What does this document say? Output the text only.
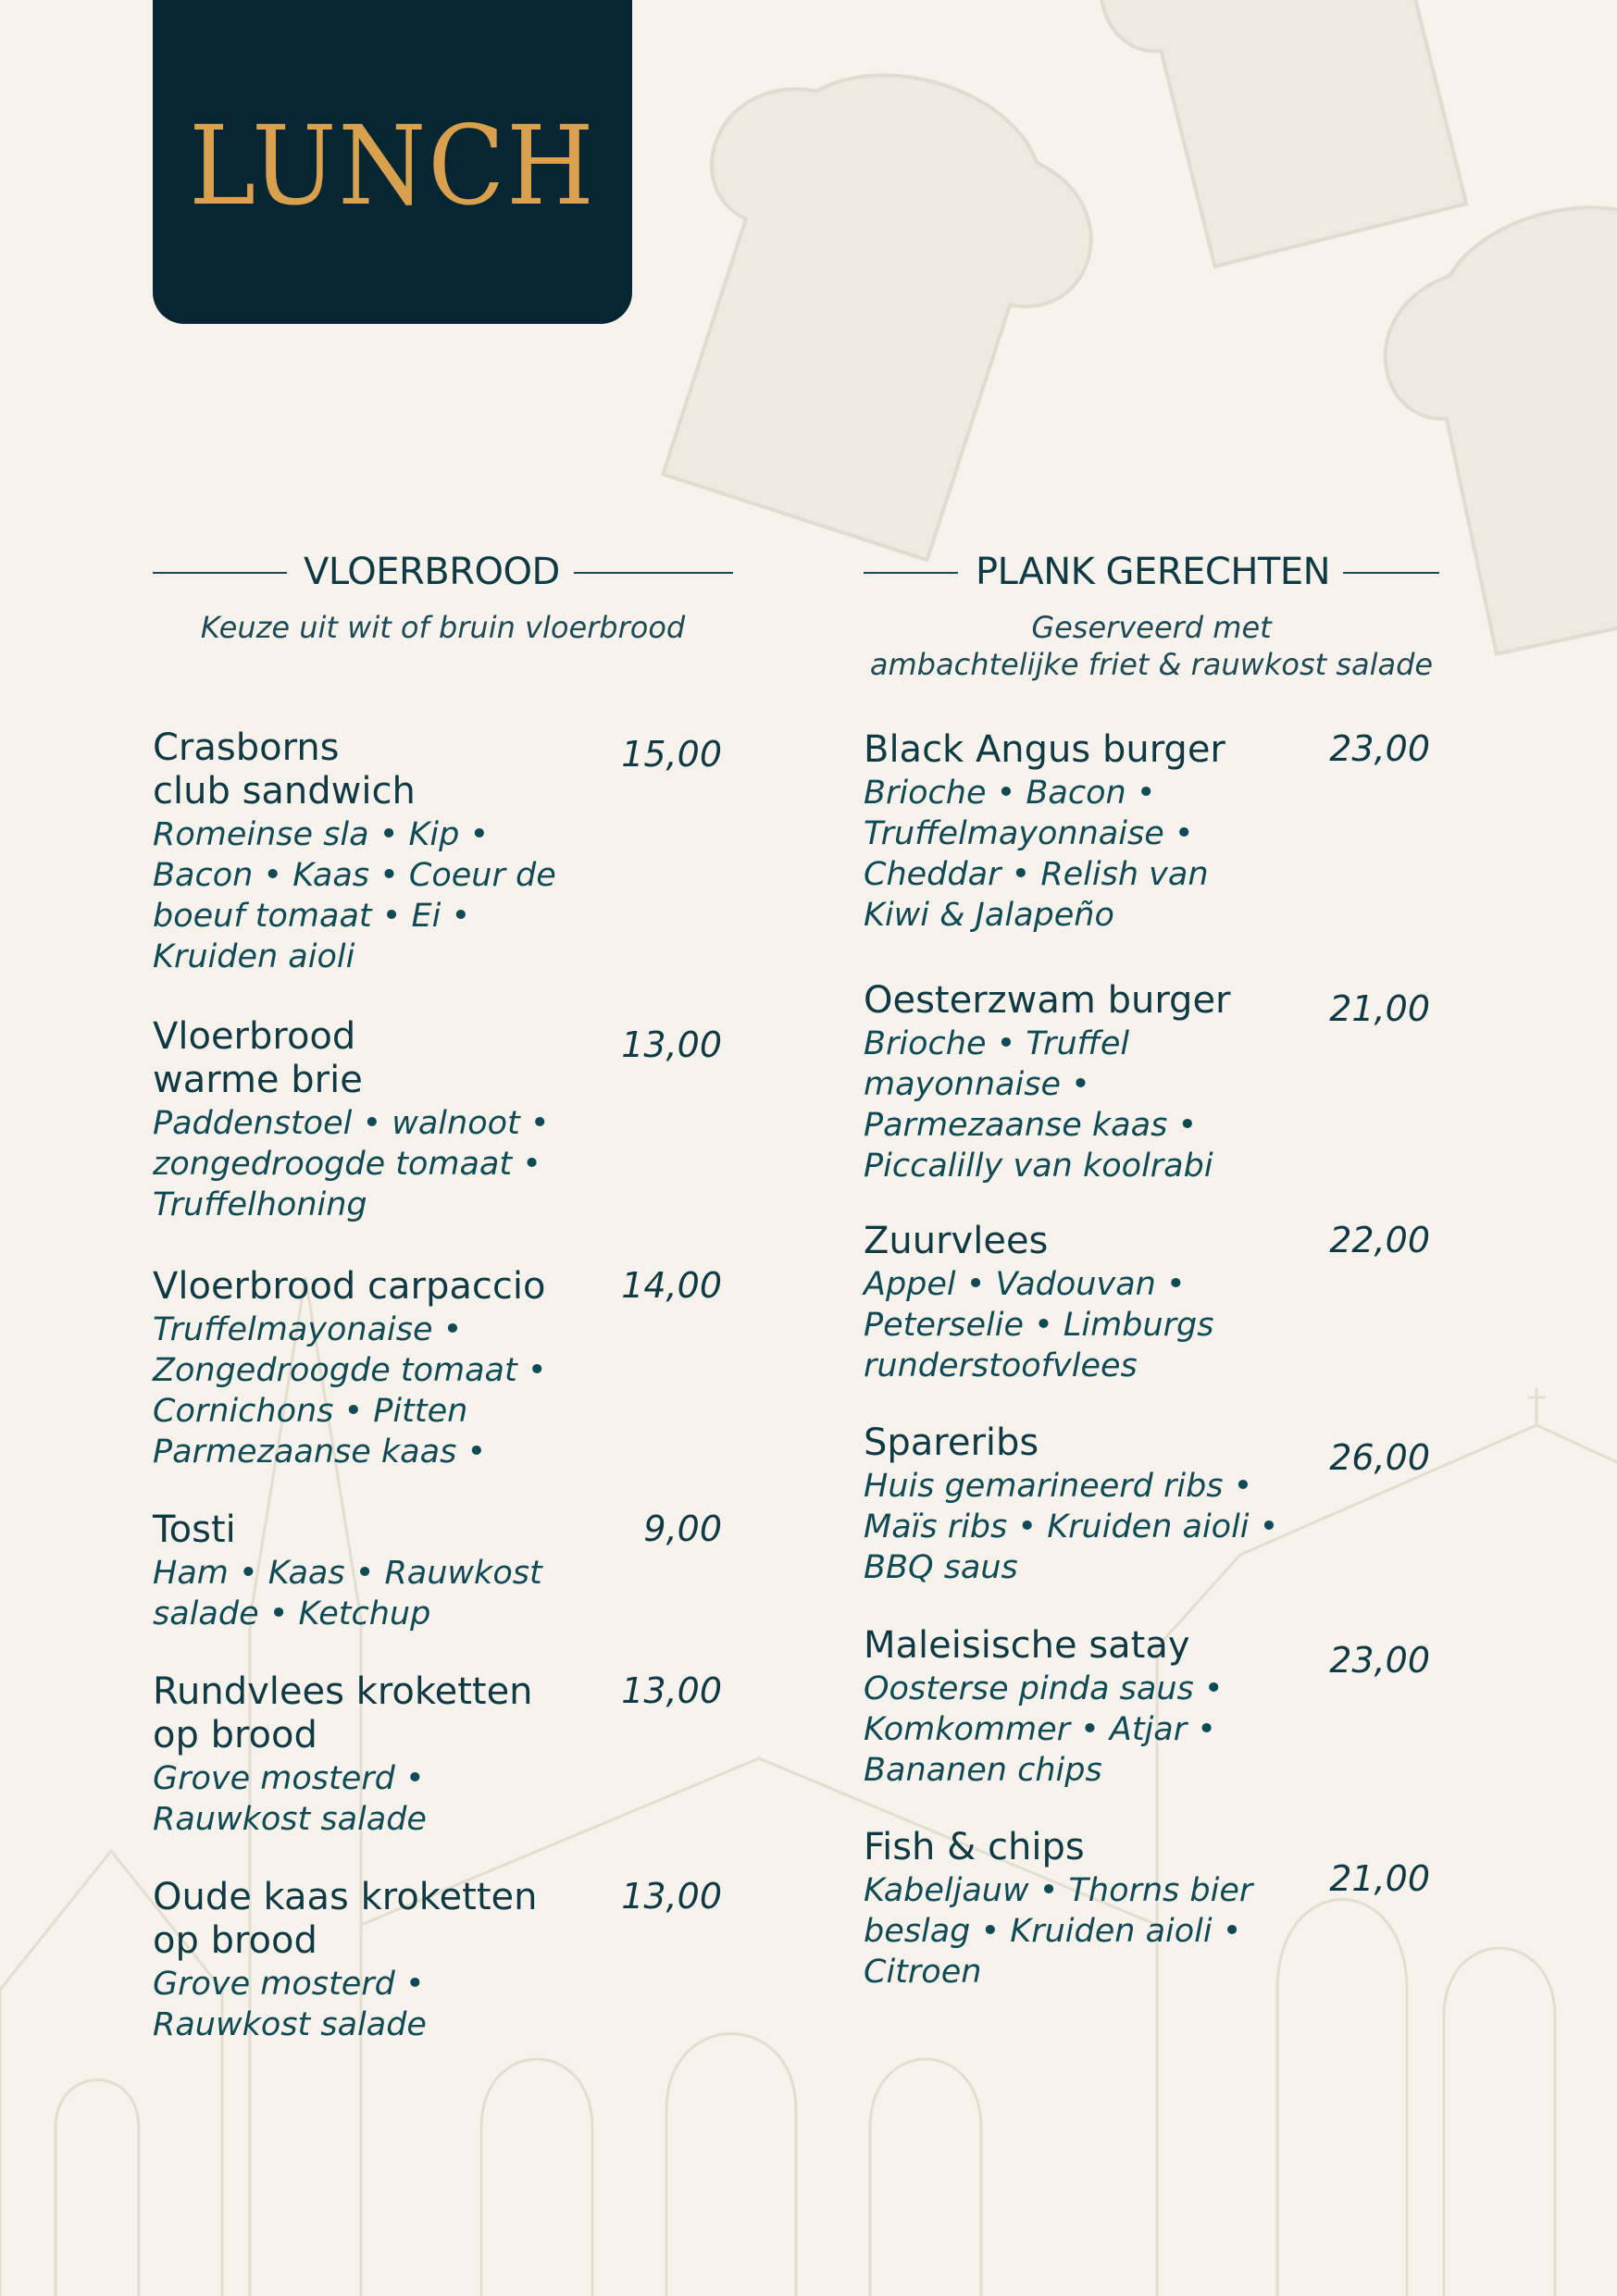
LUNCH
VLOERBROOD
Keuze uit wit of bruin vloerbrood
Crasborns
club sandwich
Romeinse sla • Kip •
Bacon • Kaas • Coeur de
boeuf tomaat • Ei •
Kruiden aioli
15,00
Vloerbrood
warme brie
Paddenstoel • walnoot •
zongedroogde tomaat •
Truffelhoning
13,00
Vloerbrood carpaccio
Truffelmayonaise •
Zongedroogde tomaat •
Cornichons • Pitten
Parmezaanse kaas •
14,00
Tosti
Ham • Kaas • Rauwkost
salade • Ketchup
9,00
Rundvlees kroketten
op brood
Grove mosterd •
Rauwkost salade
13,00
Oude kaas kroketten
op brood
Grove mosterd •
Rauwkost salade
13,00
PLANK GERECHTEN
Geserveerd met
ambachtelijke friet & rauwkost salade
Black Angus burger
Brioche • Bacon •
Truffelmayonnaise •
Cheddar • Relish van
Kiwi & Jalapeño
23,00
Oesterzwam burger
Brioche • Truffel
mayonnaise •
Parmezaanse kaas •
Piccalilly van koolrabi
21,00
Zuurvlees
Appel • Vadouvan •
Peterselie • Limburgs
runderstoofvlees
22,00
Spareribs
Huis gemarineerd ribs •
Maïs ribs • Kruiden aioli •
BBQ saus
26,00
Maleisische satay
Oosterse pinda saus •
Komkommer • Atjar •
Bananen chips
23,00
Fish & chips
Kabeljauw • Thorns bier
beslag • Kruiden aioli •
Citroen
21,00
